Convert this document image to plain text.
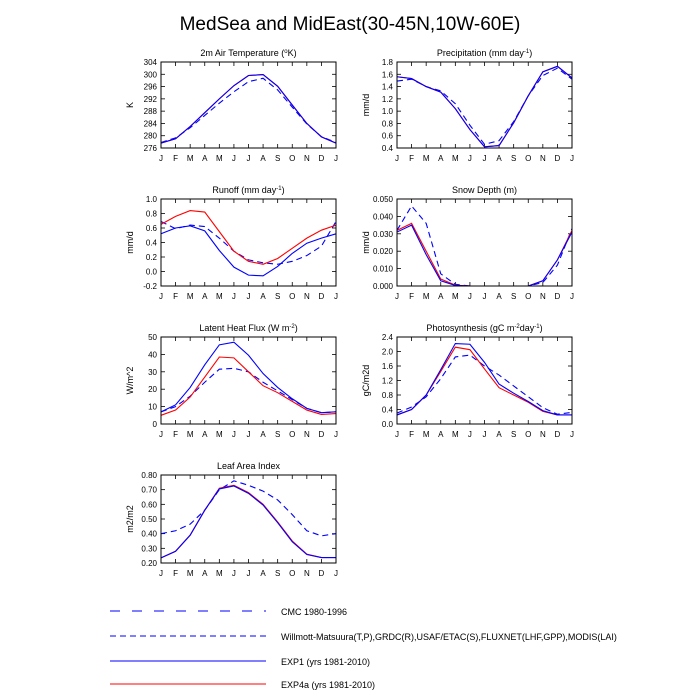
MedSea and MidEast(30-45N,10W-60E)
2m Air Temperature ($^o$K)
K
276
280
284
288
292
296
300
304
J F M A M J J A S O N D J
Precipitation (mm day$^{-1}$)
mm/d
0.4
0.6
0.8
1.0
1.2
1.4
1.6
1.8
J F M A M J J A S O N D J
Runoff (mm day$^{-1}$)
mm/d
-0.2
0.0
0.2
0.4
0.6
0.8
1.0
J F M A M J J A S O N D J
Snow Depth (m)
mm/d
0.000
0.010
0.020
0.030
0.040
0.050
J F M A M J J A S O N D J
Latent Heat Flux (W $m^{-2}$)
W/m^2
0
10
20
30
40
50
J F M A M J J A S O N D J
Photosynthesis (gC $m^{-2}day^{-1}$)
gC/m2d
0.0
0.4
0.8
1.2
1.6
2.0
2.4
J F M A M J J A S O N D J
Leaf Area Index
m2/m2
0.20
0.30
0.40
0.50
0.60
0.70
0.80
J F M A M J J A S O N D J
CMC 1980-1996
Willmott-Matsuura(T,P),GRDC(R),USAF/ETAC(S),FLUXNET(LHF,GPP),MODIS(LAI)
EXP1 (yrs 1981-2010)
EXP4a (yrs 1981-2010)
